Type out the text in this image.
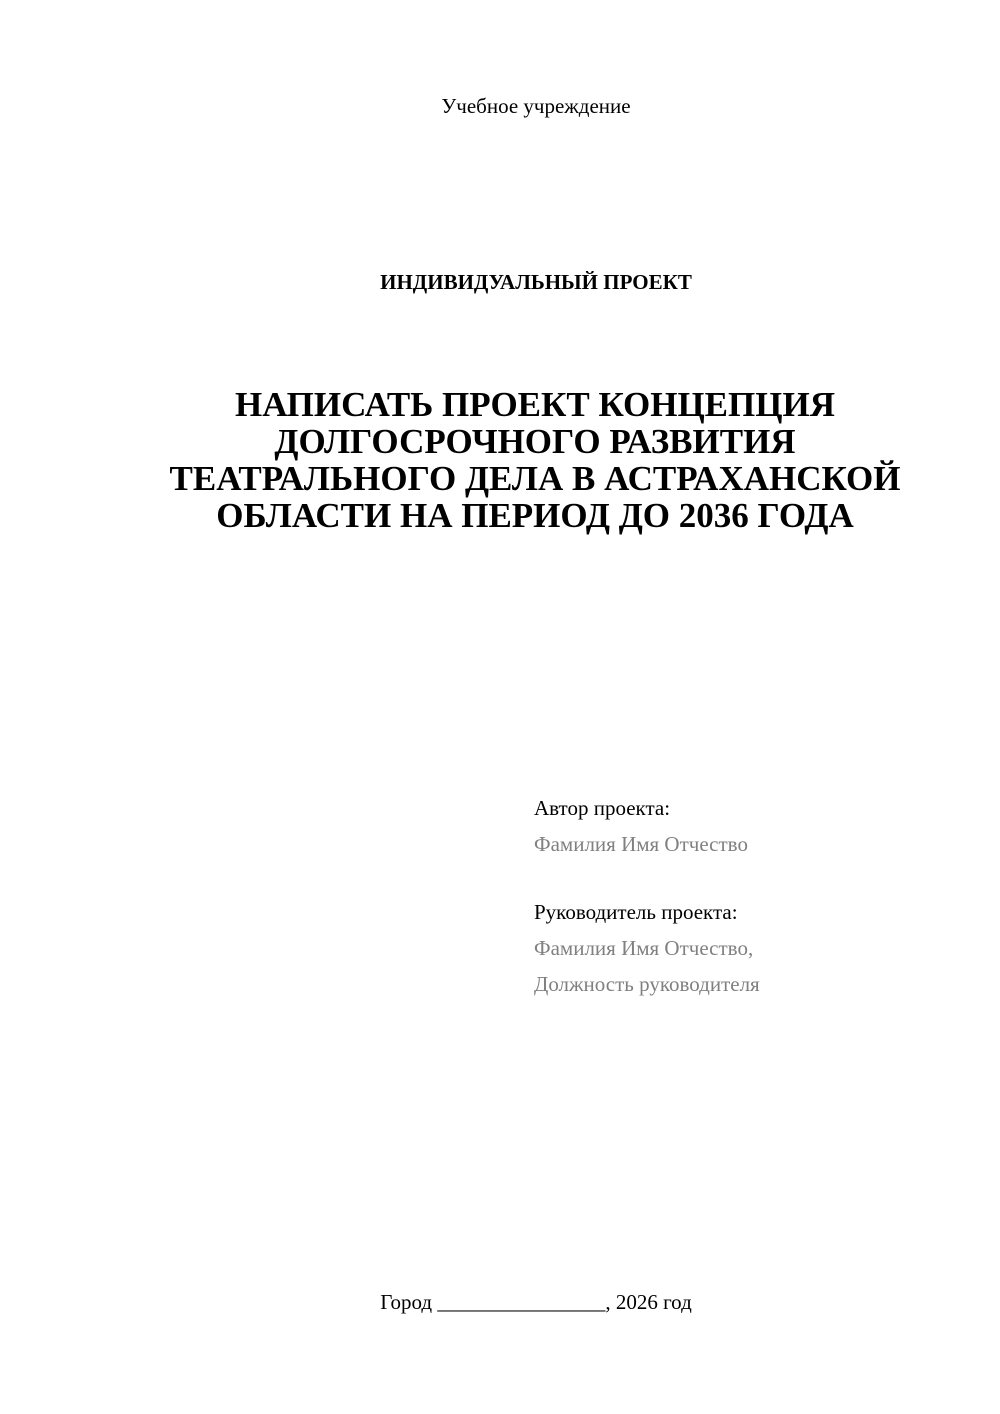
Учебное учреждение
ИНДИВИДУАЛЬНЫЙ ПРОЕКТ
НАПИСАТЬ ПРОЕКТ КОНЦЕПЦИЯ ДОЛГОСРОЧНОГО РАЗВИТИЯ ТЕАТРАЛЬНОГО ДЕЛА В АСТРАХАНСКОЙ ОБЛАСТИ НА ПЕРИОД ДО 2036 ГОДА
Автор проекта:
Фамилия Имя Отчество
Руководитель проекта:
Фамилия Имя Отчество,
Должность руководителя
Город ________________, 2026 год
